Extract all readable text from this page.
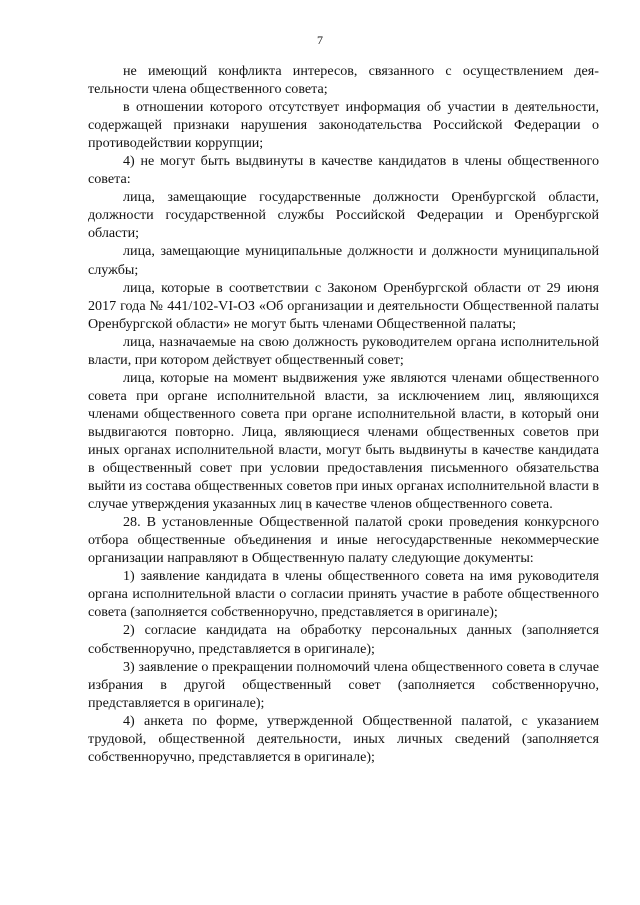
7

не имеющий конфликта интересов, связанного с осуществлением деятельности члена общественного совета;

в отношении которого отсутствует информация об участии в деятельности, содержащей признаки нарушения законодательства Российской Федерации о противодействии коррупции;

4) не могут быть выдвинуты в качестве кандидатов в члены общественного совета:

лица, замещающие государственные должности Оренбургской области, должности государственной службы Российской Федерации и Оренбургской области;

лица, замещающие муниципальные должности и должности муниципальной службы;

лица, которые в соответствии с Законом Оренбургской области от 29 июня 2017 года № 441/102-VI-ОЗ «Об организации и деятельности Общественной палаты Оренбургской области» не могут быть членами Общественной палаты;

лица, назначаемые на свою должность руководителем органа исполнительной власти, при котором действует общественный совет;

лица, которые на момент выдвижения уже являются членами общественного совета при органе исполнительной власти, за исключением лиц, являющихся членами общественного совета при органе исполнительной власти, в который они выдвигаются повторно. Лица, являющиеся членами общественных советов при иных органах исполнительной власти, могут быть выдвинуты в качестве кандидата в общественный совет при условии предоставления письменного обязательства выйти из состава общественных советов при иных органах исполнительной власти в случае утверждения указанных лиц в качестве членов общественного совета.

28. В установленные Общественной палатой сроки проведения конкурсного отбора общественные объединения и иные негосударственные некоммерческие организации направляют в Общественную палату следующие документы:

1) заявление кандидата в члены общественного совета на имя руководителя органа исполнительной власти о согласии принять участие в работе общественного совета (заполняется собственноручно, представляется в оригинале);

2) согласие кандидата на обработку персональных данных (заполняется собственноручно, представляется в оригинале);

3) заявление о прекращении полномочий члена общественного совета в случае избрания в другой общественный совет (заполняется собственноручно, представляется в оригинале);

4) анкета по форме, утвержденной Общественной палатой, с указанием трудовой, общественной деятельности, иных личных сведений (заполняется собственноручно, представляется в оригинале);
